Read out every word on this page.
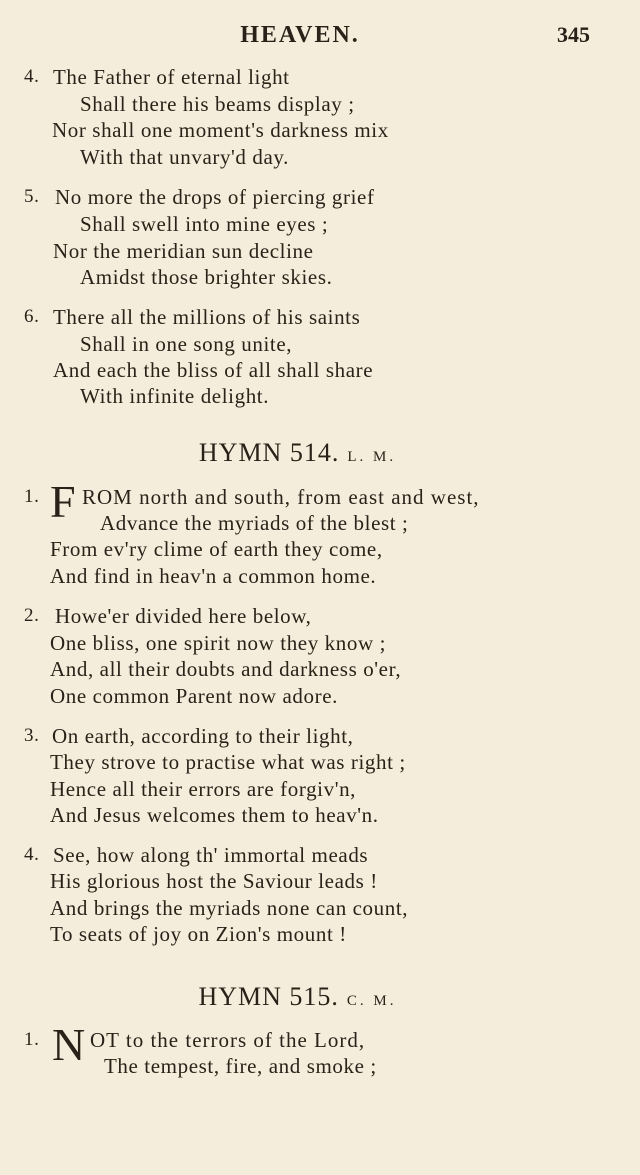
HEAVEN.	345
4. The Father of eternal light
Shall there his beams display ;
Nor shall one moment's darkness mix
With that unvary'd day.
5. No more the drops of piercing grief
Shall swell into mine eyes ;
Nor the meridian sun decline
Amidst those brighter skies.
6. There all the millions of his saints
Shall in one song unite,
And each the bliss of all shall share
With infinite delight.
HYMN 514. L. M.
1. F ROM north and south, from east and west,
Advance the myriads of the blest ;
From ev'ry clime of earth they come,
And find in heav'n a common home.
2. Howe'er divided here below,
One bliss, one spirit now they know ;
And, all their doubts and darkness o'er,
One common Parent now adore.
3. On earth, according to their light,
They strove to practise what was right ;
Hence all their errors are forgiv'n,
And Jesus welcomes them to heav'n.
4. See, how along th' immortal meads
His glorious host the Saviour leads !
And brings the myriads none can count,
To seats of joy on Zion's mount !
HYMN 515. C. M.
1. N OT to the terrors of the Lord,
The tempest, fire, and smoke ;
